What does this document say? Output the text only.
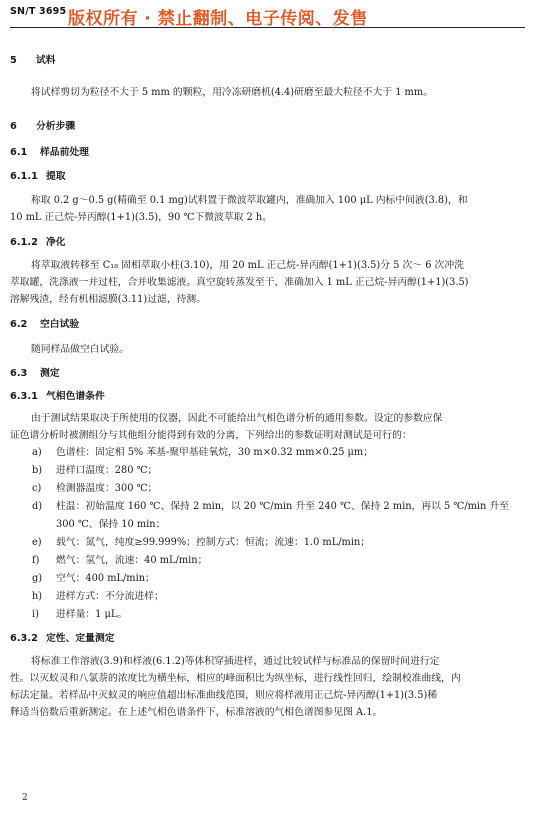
SN/T 3695 版权所有 · 禁止翻制、电子传阅、发售
5 试料

将试样剪切为粒径不大于 5 mm 的颗粒，用冷冻研磨机(4.4)研磨至最大粒径不大于 1 mm。

6 分析步骤
6.1 样品前处理
6.1.1 提取

称取 0.2 g～0.5 g(精确至 0.1 mg)试料置于微波萃取罐内，准确加入 100 μL 内标中间液(3.8)，和

10 mL 正己烷-异丙醇(1+1)(3.5)，90 ℃下微波萃取 2 h。

6.1.2 净化

将萃取液转移至 C₁₈ 固相萃取小柱(3.10)，用 20 mL 正己烷-异丙醇(1+1)(3.5)分 5 次～ 6 次冲洗

萃取罐，洗涤液一并过柱，合并收集滤液。真空旋转蒸发至干，准确加入 1 mL 正己烷-异丙醇(1+1)(3.5)

溶解残渣，经有机相滤膜(3.11)过滤，待测。

6.2 空白试验

随同样品做空白试验。

6.3 测定
6.3.1 气相色谱条件

由于测试结果取决于所使用的仪器，因此不可能给出气相色谱分析的通用参数。设定的参数应保

证色谱分析时被测组分与其他组分能得到有效的分离，下列给出的参数证明对测试是可行的：

a)	色谱柱：固定相 5% 苯基-聚甲基硅氧烷，30 m×0.32 mm×0.25 μm；
b)	进样口温度：280 ℃；
c)	检测器温度：300 ℃；
d)	柱温：初始温度 160 ℃、保持 2 min，以 20 ℃/min 升至 240 ℃、保持 2 min，再以 5 ℃/min 升至
300 ℃、保持 10 min；
e)	载气：氮气，纯度≥99.999%；控制方式：恒流；流速：1.0 mL/min；
f)	燃气：氢气，流速：40 mL/min；
g)	空气：400 mL/min；
h)	进样方式：不分流进样；
i)	进样量：1 μL。
6.3.2 定性、定量测定

将标准工作溶液(3.9)和样液(6.1.2)等体积穿插进样，通过比较试样与标准品的保留时间进行定

性。以灭蚁灵和八氯萘的浓度比为横坐标，相应的峰面积比为纵坐标，进行线性回归，绘制校准曲线，内

标法定量。若样品中灭蚁灵的响应值超出标准曲线范围，则应将样液用正己烷-异丙醇(1+1)(3.5)稀

释适当倍数后重新测定。在上述气相色谱条件下，标准溶液的气相色谱图参见图 A.1。

2
